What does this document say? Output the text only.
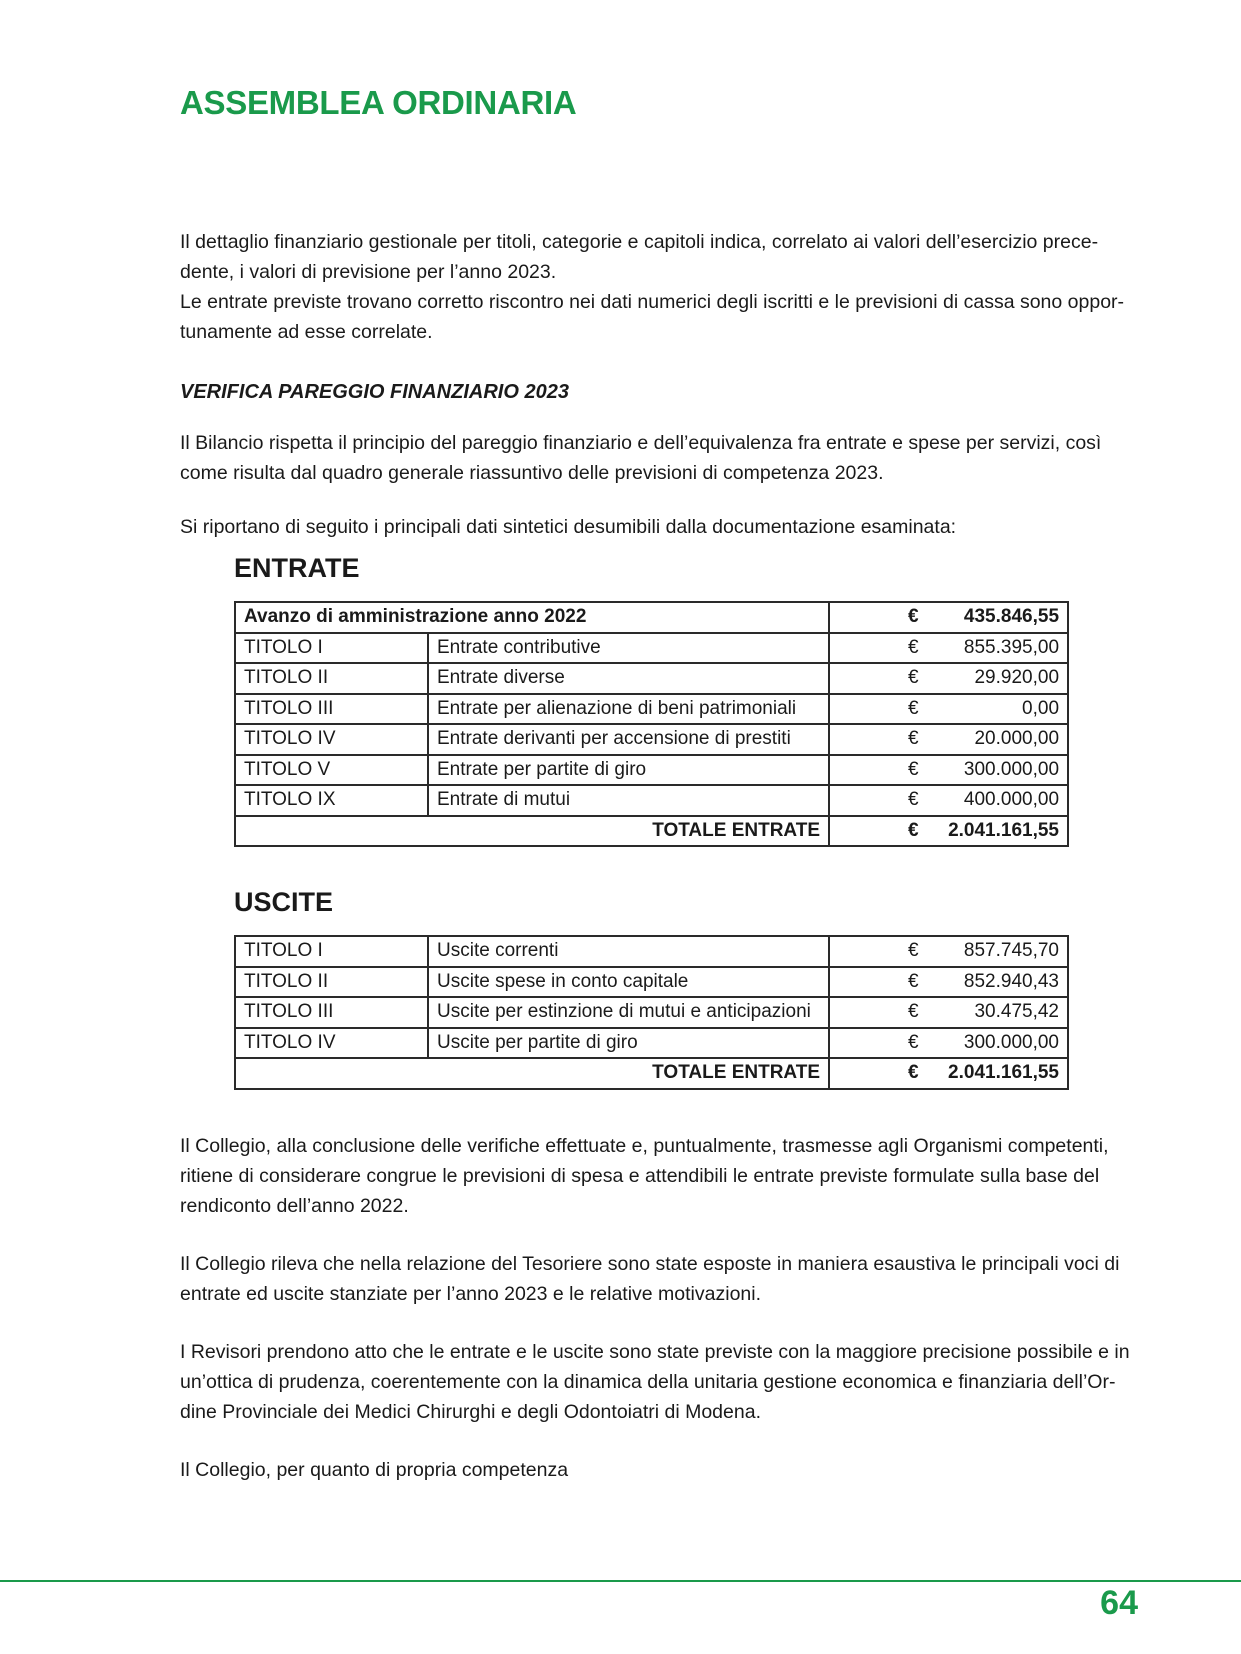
ASSEMBLEA ORDINARIA

Il dettaglio finanziario gestionale per titoli, categorie e capitoli indica, correlato ai valori dell’esercizio prece-
dente, i valori di previsione per l’anno 2023.
Le entrate previste trovano corretto riscontro nei dati numerici degli iscritti e le previsioni di cassa sono oppor-
tunamente ad esse correlate.

VERIFICA PAREGGIO FINANZIARIO 2023

Il Bilancio rispetta il principio del pareggio finanziario e dell’equivalenza fra entrate e spese per servizi, così
come risulta dal quadro generale riassuntivo delle previsioni di competenza 2023.

Si riportano di seguito i principali dati sintetici desumibili dalla documentazione esaminata:

ENTRATE
Avanzo di amministrazione anno 2022		€ 435.846,55

TITOLO I	Entrate contributive	€ 855.395,00

TITOLO II	Entrate diverse	€ 29.920,00

TITOLO III	Entrate per alienazione di beni patrimoniali	€ 0,00

TITOLO IV	Entrate derivanti per accensione di prestiti	€ 20.000,00

TITOLO V	Entrate per partite di giro	€ 300.000,00

TITOLO IX	Entrate di mutui	€ 400.000,00

TOTALE ENTRATE		€ 2.041.161,55
USCITE
TITOLO I	Uscite correnti	€ 857.745,70

TITOLO II	Uscite spese in conto capitale	€ 852.940,43

TITOLO III	Uscite per estinzione di mutui e anticipazioni	€ 30.475,42

TITOLO IV	Uscite per partite di giro	€ 300.000,00

TOTALE ENTRATE		€ 2.041.161,55

Il Collegio, alla conclusione delle verifiche effettuate e, puntualmente, trasmesse agli Organismi competenti,
ritiene di considerare congrue le previsioni di spesa e attendibili le entrate previste formulate sulla base del
rendiconto dell’anno 2022.

Il Collegio rileva che nella relazione del Tesoriere sono state esposte in maniera esaustiva le principali voci di
entrate ed uscite stanziate per l’anno 2023 e le relative motivazioni.

I Revisori prendono atto che le entrate e le uscite sono state previste con la maggiore precisione possibile e in
un’ottica di prudenza, coerentemente con la dinamica della unitaria gestione economica e finanziaria dell’Or-
dine Provinciale dei Medici Chirurghi e degli Odontoiatri di Modena.

Il Collegio, per quanto di propria competenza

64
